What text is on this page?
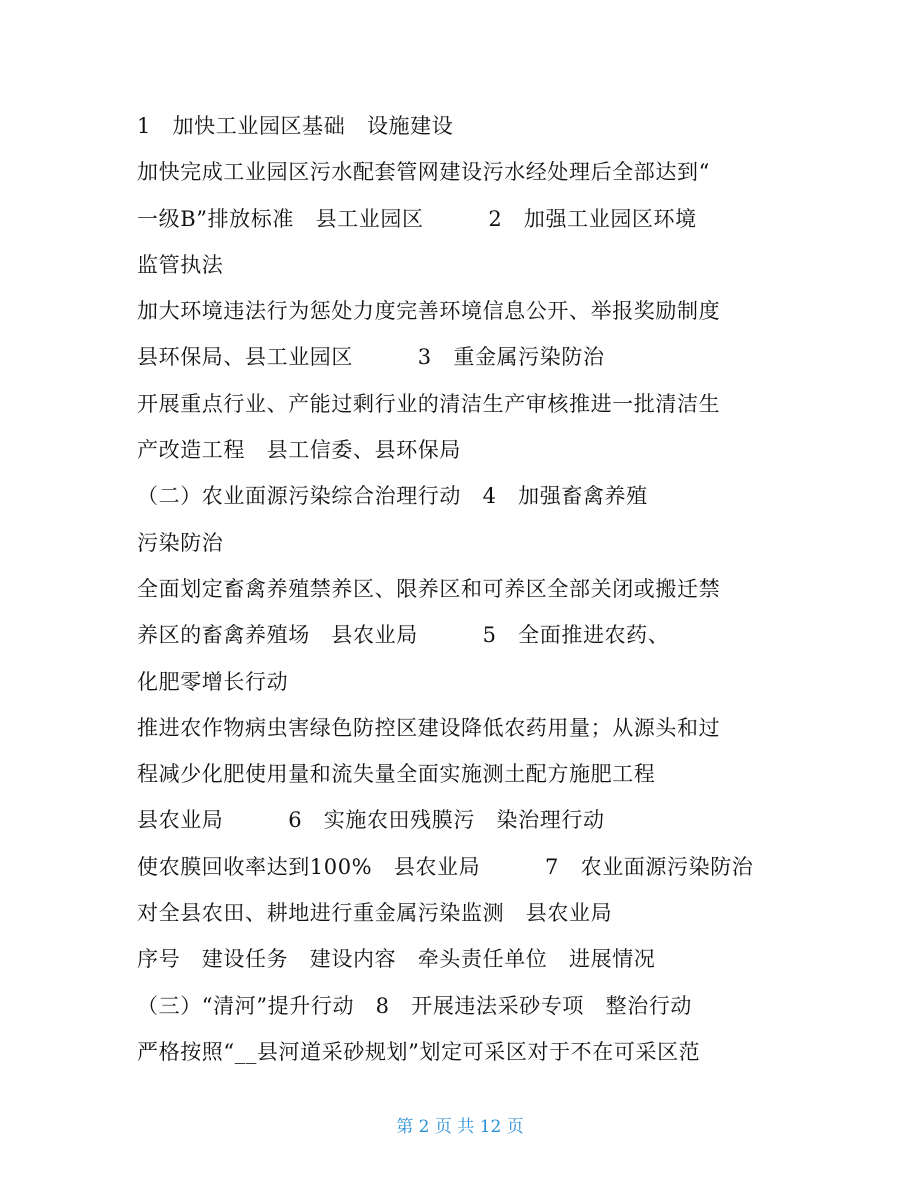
1　加快工业园区基础　设施建设
加快完成工业园区污水配套管网建设污水经处理后全部达到“
一级B”排放标准　县工业园区　　　2　加强工业园区环境
监管执法
加大环境违法行为惩处力度完善环境信息公开、举报奖励制度
县环保局、县工业园区　　　3　重金属污染防治
开展重点行业、产能过剩行业的清洁生产审核推进一批清洁生
产改造工程　县工信委、县环保局
（二）农业面源污染综合治理行动　4　加强畜禽养殖
污染防治
全面划定畜禽养殖禁养区、限养区和可养区全部关闭或搬迁禁
养区的畜禽养殖场　县农业局　　　5　全面推进农药、
化肥零增长行动
推进农作物病虫害绿色防控区建设降低农药用量；从源头和过
程减少化肥使用量和流失量全面实施测土配方施肥工程
县农业局　　　6　实施农田残膜污　染治理行动
使农膜回收率达到100%　县农业局　　　7　农业面源污染防治
对全县农田、耕地进行重金属污染监测　县农业局
序号　建设任务　建设内容　牵头责任单位　进展情况
（三）“清河”提升行动　8　开展违法采砂专项　整治行动
严格按照“__县河道采砂规划”划定可采区对于不在可采区范
第 2 页 共 12 页
